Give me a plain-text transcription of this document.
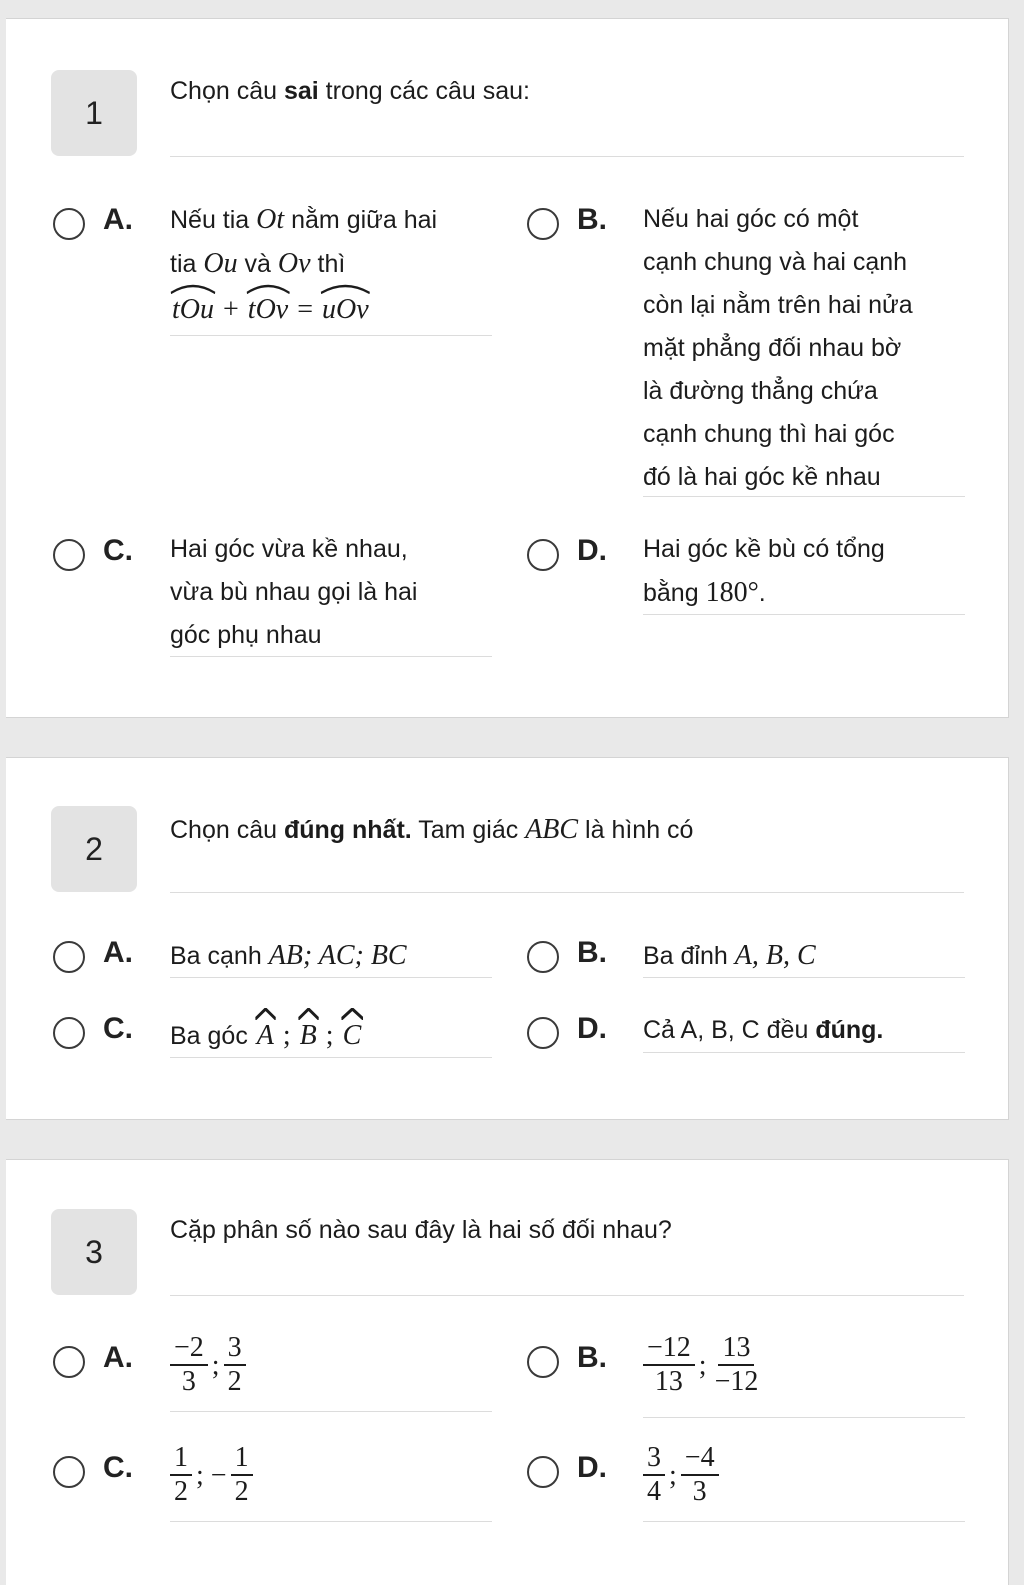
1
Chọn câu sai trong các câu sau:
A. Nếu tia Ot nằm giữa hai
tia Ou và Ov thì
tOu +
tOv =
uOv
B. Nếu hai góc có một
cạnh chung và hai cạnh
còn lại nằm trên hai nửa
mặt phẳng đối nhau bờ
là đường thẳng chứa
cạnh chung thì hai góc
đó là hai góc kề nhau
C. Hai góc vừa kề nhau,
vừa bù nhau gọi là hai
góc phụ nhau
D. Hai góc kề bù có tổng
bằng 180°.
2
Chọn câu đúng nhất. Tam giác ABC là hình có
A. Ba cạnh AB; AC; BC	B. Ba đỉnh A, B, C
C. Ba góc
A ;
B ;
C	D. Cả A, B, C đều đúng.
3
Cặp phân số nào sau đây là hai số đối nhau?
A. $\frac{-2}{3}$ ; $\frac{3}{2}$	B. $\frac{-12}{13}$ ; $\frac{13}{-12}$
C. $\frac{1}{2}$ ; − $\frac{1}{2}$	D. $\frac{3}{4}$ ; $\frac{-4}{3}$
